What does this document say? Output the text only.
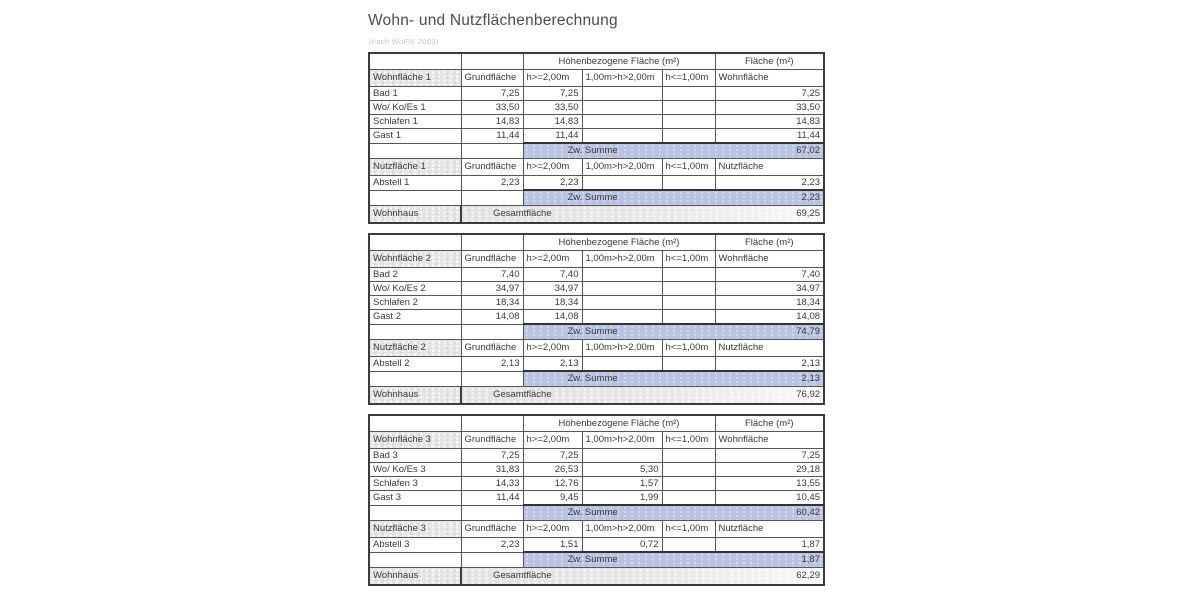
Wohn- und Nutzflächenberechnung
(nach WoFlV 2003)
		Höhenbezogene Fläche (m²)			Fläche (m²)
Wohnfläche 1	Grundfläche	h>=2,00m	1,00m>h>2,00m	h<=1,00m	Wohnfläche
Bad 1	7,25	7,25			7,25
Wo/ Ko/Es 1	33,50	33,50			33,50
Schlafen 1	14,83	14,83			14,83
Gast 1	11,44	11,44			11,44

		Zw. Summe 67,02			

Nutzfläche 1	Grundfläche	h>=2,00m	1,00m>h>2,00m	h<=1,00m	Nutzfläche
Abstell 1	2,23	2,23			2,23

		Zw. Summe 2,23			

Wohnhaus	Gesamtfläche 69,25				
		Höhenbezogene Fläche (m²)			Fläche (m²)
Wohnfläche 2	Grundfläche	h>=2,00m	1,00m>h>2,00m	h<=1,00m	Wohnfläche
Bad 2	7,40	7,40			7,40
Wo/ Ko/Es 2	34,97	34,97			34,97
Schlafen 2	18,34	18,34			18,34
Gast 2	14,08	14,08			14,08

		Zw. Summe 74,79			

Nutzfläche 2	Grundfläche	h>=2,00m	1,00m>h>2,00m	h<=1,00m	Nutzfläche
Abstell 2	2,13	2,13			2,13

		Zw. Summe 2,13			

Wohnhaus	Gesamtfläche 76,92				
		Höhenbezogene Fläche (m²)			Fläche (m²)
Wohnfläche 3	Grundfläche	h>=2,00m	1,00m>h>2,00m	h<=1,00m	Wohnfläche
Bad 3	7,25	7,25			7,25
Wo/ Ko/Es 3	31,83	26,53	5,30		29,18
Schlafen 3	14,33	12,76	1,57		13,55
Gast 3	11,44	9,45	1,99		10,45

		Zw. Summe 60,42			

Nutzfläche 3	Grundfläche	h>=2,00m	1,00m>h>2,00m	h<=1,00m	Nutzfläche
Abstell 3	2,23	1,51	0,72		1,87

		Zw. Summe 1,87			

Wohnhaus	Gesamtfläche 62,29				
